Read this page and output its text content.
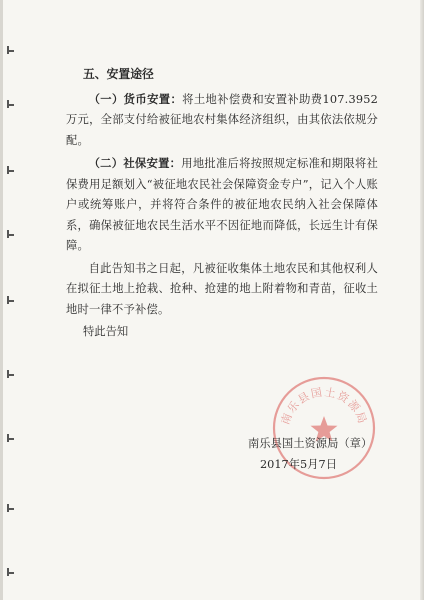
五、安置途径

（一）货币安置：将土地补偿费和安置补助费107.3952万元，全部支付给被征地农村集体经济组织，由其依法依规分配。

（二）社保安置：用地批准后将按照规定标准和期限将社保费用足额划入“被征地农民社会保障资金专户”，记入个人账户或统筹账户，并将符合条件的被征地农民纳入社会保障体系，确保被征地农民生活水平不因征地而降低，长远生计有保障。

自此告知书之日起，凡被征收集体土地农民和其他权利人在拟征土地上抢栽、抢种、抢建的地上附着物和青苗，征收土地时一律不予补偿。

特此告知

南乐县国土资源局
南乐县国土资源局（章）
2017年5月7日
